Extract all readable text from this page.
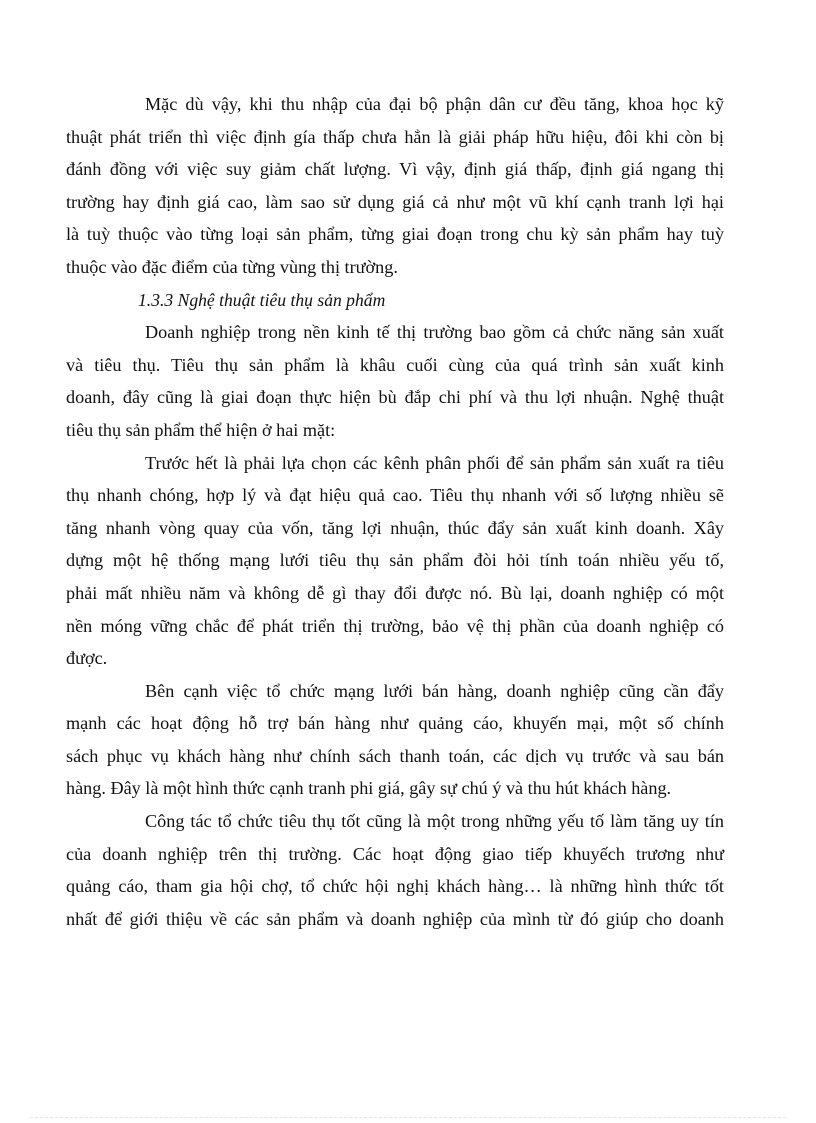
Mặc dù vậy, khi thu nhập của đại bộ phận dân cư đều tăng, khoa học kỹ
thuật phát triển thì việc định gía thấp chưa hẳn là giải pháp hữu hiệu, đôi khi còn bị
đánh đồng với việc suy giảm chất lượng. Vì vậy, định giá thấp, định giá ngang thị
trường hay định giá cao, làm sao sử dụng giá cả như một vũ khí cạnh tranh lợi hại
là tuỳ thuộc vào từng loại sản phẩm, từng giai đoạn trong chu kỳ sản phẩm hay tuỳ
thuộc vào đặc điểm của từng vùng thị trường.
1.3.3 Nghệ thuật tiêu thụ sản phẩm
Doanh nghiệp trong nền kinh tế thị trường bao gồm cả chức năng sản xuất
và tiêu thụ. Tiêu thụ sản phẩm là khâu cuối cùng của quá trình sản xuất kinh
doanh, đây cũng là giai đoạn thực hiện bù đắp chi phí và thu lợi nhuận. Nghệ thuật
tiêu thụ sản phẩm thể hiện ở hai mặt:
Trước hết là phải lựa chọn các kênh phân phối để sản phẩm sản xuất ra tiêu
thụ nhanh chóng, hợp lý và đạt hiệu quả cao. Tiêu thụ nhanh với số lượng nhiều sẽ
tăng nhanh vòng quay của vốn, tăng lợi nhuận, thúc đẩy sản xuất kinh doanh. Xây
dựng một hệ thống mạng lưới tiêu thụ sản phẩm đòi hỏi tính toán nhiều yếu tố,
phải mất nhiều năm và không dễ gì thay đổi được nó. Bù lại, doanh nghiệp có một
nền móng vững chắc để phát triển thị trường, bảo vệ thị phần của doanh nghiệp có
được.
Bên cạnh việc tổ chức mạng lưới bán hàng, doanh nghiệp cũng cần đẩy
mạnh các hoạt động hỗ trợ bán hàng như quảng cáo, khuyến mại, một số chính
sách phục vụ khách hàng như chính sách thanh toán, các dịch vụ trước và sau bán
hàng. Đây là một hình thức cạnh tranh phi giá, gây sự chú ý và thu hút khách hàng.
Công tác tổ chức tiêu thụ tốt cũng là một trong những yếu tố làm tăng uy tín
của doanh nghiệp trên thị trường. Các hoạt động giao tiếp khuyếch trương như
quảng cáo, tham gia hội chợ, tổ chức hội nghị khách hàng… là những hình thức tốt
nhất để giới thiệu về các sản phẩm và doanh nghiệp của mình từ đó giúp cho doanh
